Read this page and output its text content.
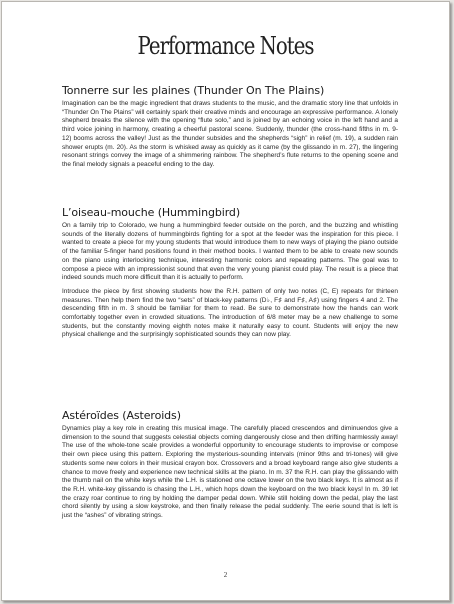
Performance Notes
Tonnerre sur les plaines (Thunder On The Plains)

Imagination can be the magic ingredient that draws students to the music, and the dramatic story line that unfolds in “Thunder On The Plains” will certainly spark their creative minds and encourage an expressive performance. A lonely shepherd breaks the silence with the opening “flute solo,” and is joined by an echoing voice in the left hand and a third voice joining in harmony, creating a cheerful pastoral scene. Suddenly, thunder (the cross-hand fifths in m. 9-12) booms across the valley! Just as the thunder subsides and the shepherds “sigh” in relief (m. 19), a sudden rain shower erupts (m. 20). As the storm is whisked away as quickly as it came (by the glissando in m. 27), the lingering resonant strings convey the image of a shimmering rainbow. The shepherd’s flute returns to the opening scene and the final melody signals a peaceful ending to the day.

L’oiseau-mouche (Hummingbird)

On a family trip to Colorado, we hung a hummingbird feeder outside on the porch, and the buzzing and whistling sounds of the literally dozens of hummingbirds fighting for a spot at the feeder was the inspiration for this piece. I wanted to create a piece for my young students that would introduce them to new ways of playing the piano outside of the familiar 5-finger hand positions found in their method books. I wanted them to be able to create new sounds on the piano using interlocking technique, interesting harmonic colors and repeating patterns. The goal was to compose a piece with an impressionist sound that even the very young pianist could play. The result is a piece that indeed sounds much more difficult than it is actually to perform.

Introduce the piece by first showing students how the R.H. pattern of only two notes (C, E) repeats for thirteen measures. Then help them find the two “sets” of black-key patterns (D♭, F♯ and F♯, A♯) using fingers 4 and 2. The descending fifth in m. 3 should be familiar for them to read. Be sure to demonstrate how the hands can work comfortably together even in crowded situations. The introduction of 6/8 meter may be a new challenge to some students, but the constantly moving eighth notes make it naturally easy to count. Students will enjoy the new physical challenge and the surprisingly sophisticated sounds they can now play.

Astéroïdes (Asteroids)

Dynamics play a key role in creating this musical image. The carefully placed crescendos and diminuendos give a dimension to the sound that suggests celestial objects coming dangerously close and then drifting harmlessly away! The use of the whole-tone scale provides a wonderful opportunity to encourage students to improvise or compose their own piece using this pattern. Exploring the mysterious-sounding intervals (minor 9ths and tri-tones) will give students some new colors in their musical crayon box. Crossovers and a broad keyboard range also give students a chance to move freely and experience new technical skills at the piano. In m. 37 the R.H. can play the glissando with the thumb nail on the white keys while the L.H. is stationed one octave lower on the two black keys. It is almost as if the R.H. white-key glissando is chasing the L.H., which hops down the keyboard on the two black keys! In m. 39 let the crazy roar continue to ring by holding the damper pedal down. While still holding down the pedal, play the last chord silently by using a slow keystroke, and then finally release the pedal suddenly. The eerie sound that is left is just the “ashes” of vibrating strings.

2
